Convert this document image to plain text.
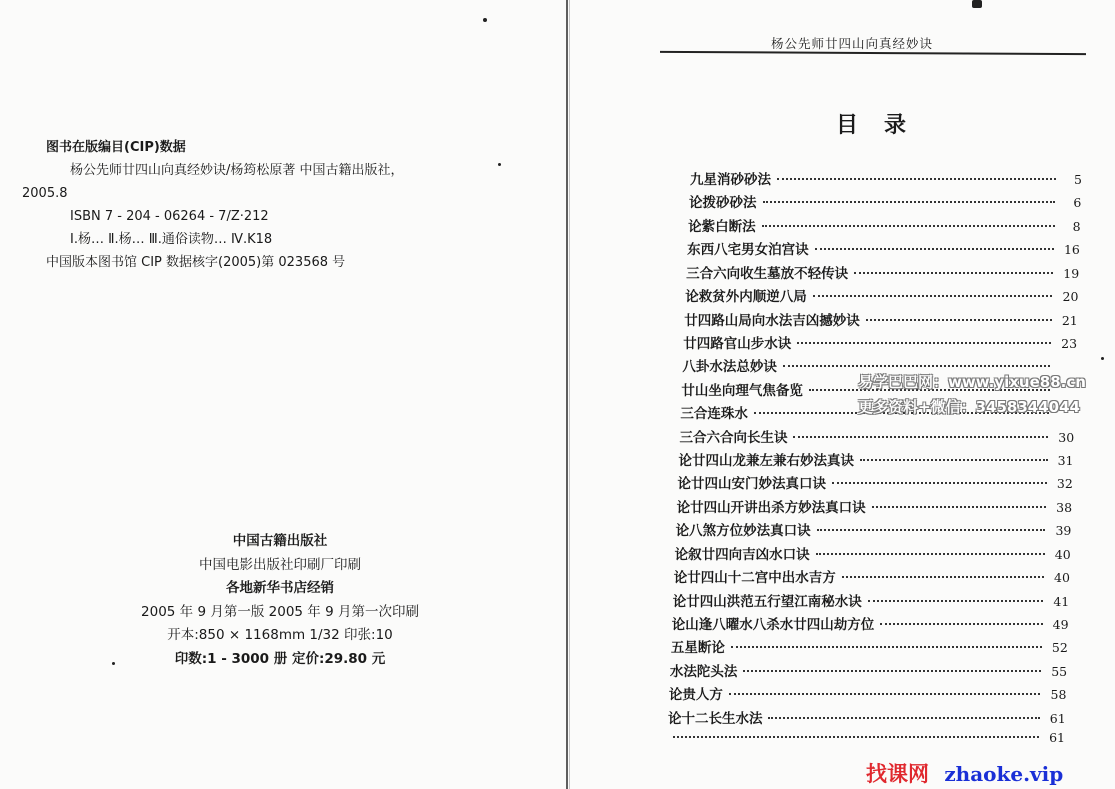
图书在版编目(CIP)数据
杨公先师廿四山向真经妙诀/杨筠松原著 中国古籍出版社，
2005.8
ISBN 7 - 204 - 06264 - 7/Z·212
Ⅰ.杨… Ⅱ.杨… Ⅲ.通俗读物… Ⅳ.K18
中国版本图书馆 CIP 数据核字(2005)第 023568 号
中国古籍出版社
中国电影出版社印刷厂印刷
各地新华书店经销
2005 年 9 月第一版 2005 年 9 月第一次印刷
开本:850 × 1168mm 1/32 印张:10
印数:1 - 3000 册 定价:29.80 元
杨公先师廿四山向真经妙诀
目录
九星消砂砂法	5
论拨砂砂法	6
论紫白断法	8
东西八宅男女泊宫诀	16
三合六向收生墓放不轻传诀	19
论救贫外内顺逆八局	20
廿四路山局向水法吉凶撼妙诀	21
廿四路官山步水诀	23
八卦水法总妙诀
廿山坐向理气焦备览
三合连珠水
三合六合向长生诀	30
论廿四山龙兼左兼右妙法真诀	31
论廿四山安门妙法真口诀	32
论廿四山开讲出杀方妙法真口诀	38
论八煞方位妙法真口诀	39
论叙廿四向吉凶水口诀	40
论廿四山十二宫中出水吉方	40
论廿四山洪范五行望江南秘水诀	41
论山逢八曜水八杀水廿四山劫方位	49
五星断论	52
水法陀头法	55
论贵人方	58
论十二长生水法	61
61
易学巴巴网：www.yixue88.cn
更多资料+微信：3458344044
找课网 zhaoke.vip
